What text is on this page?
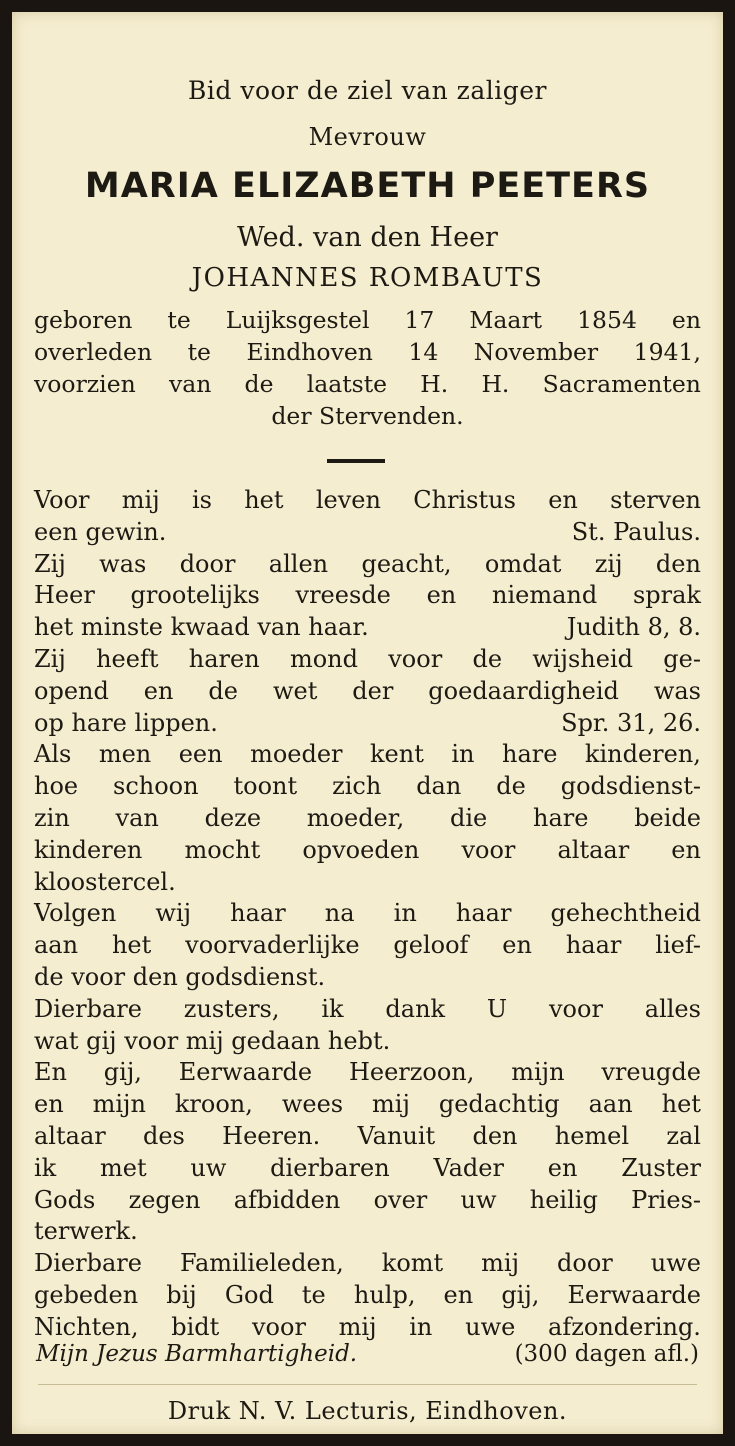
Bid voor de ziel van zaliger
Mevrouw
MARIA ELIZABETH PEETERS
Wed. van den Heer
JOHANNES ROMBAUTS
geboren te Luijksgestel 17 Maart 1854 en
overleden te Eindhoven 14 November 1941,
voorzien van de laatste H. H. Sacramenten
der Stervenden.
Voor mij is het leven Christus en sterven
een gewin.	St. Paulus.
Zij was door allen geacht, omdat zij den
Heer grootelijks vreesde en niemand sprak
het minste kwaad van haar.	Judith 8, 8.
Zij heeft haren mond voor de wijsheid ge-
opend en de wet der goedaardigheid was
op hare lippen.	Spr. 31, 26.
Als men een moeder kent in hare kinderen,
hoe schoon toont zich dan de godsdienst-
zin van deze moeder, die hare beide
kinderen mocht opvoeden voor altaar en
kloostercel.
Volgen wij haar na in haar gehechtheid
aan het voorvaderlijke geloof en haar lief-
de voor den godsdienst.
Dierbare zusters, ik dank U voor alles
wat gij voor mij gedaan hebt.
En gij, Eerwaarde Heerzoon, mijn vreugde
en mijn kroon, wees mij gedachtig aan het
altaar des Heeren. Vanuit den hemel zal
ik met uw dierbaren Vader en Zuster
Gods zegen afbidden over uw heilig Pries-
terwerk.
Dierbare Familieleden, komt mij door uwe
gebeden bij God te hulp, en gij, Eerwaarde
Nichten, bidt voor mij in uwe afzondering.
Mijn Jezus Barmhartigheid.	(300 dagen afl.)
Druk N. V. Lecturis, Eindhoven.
